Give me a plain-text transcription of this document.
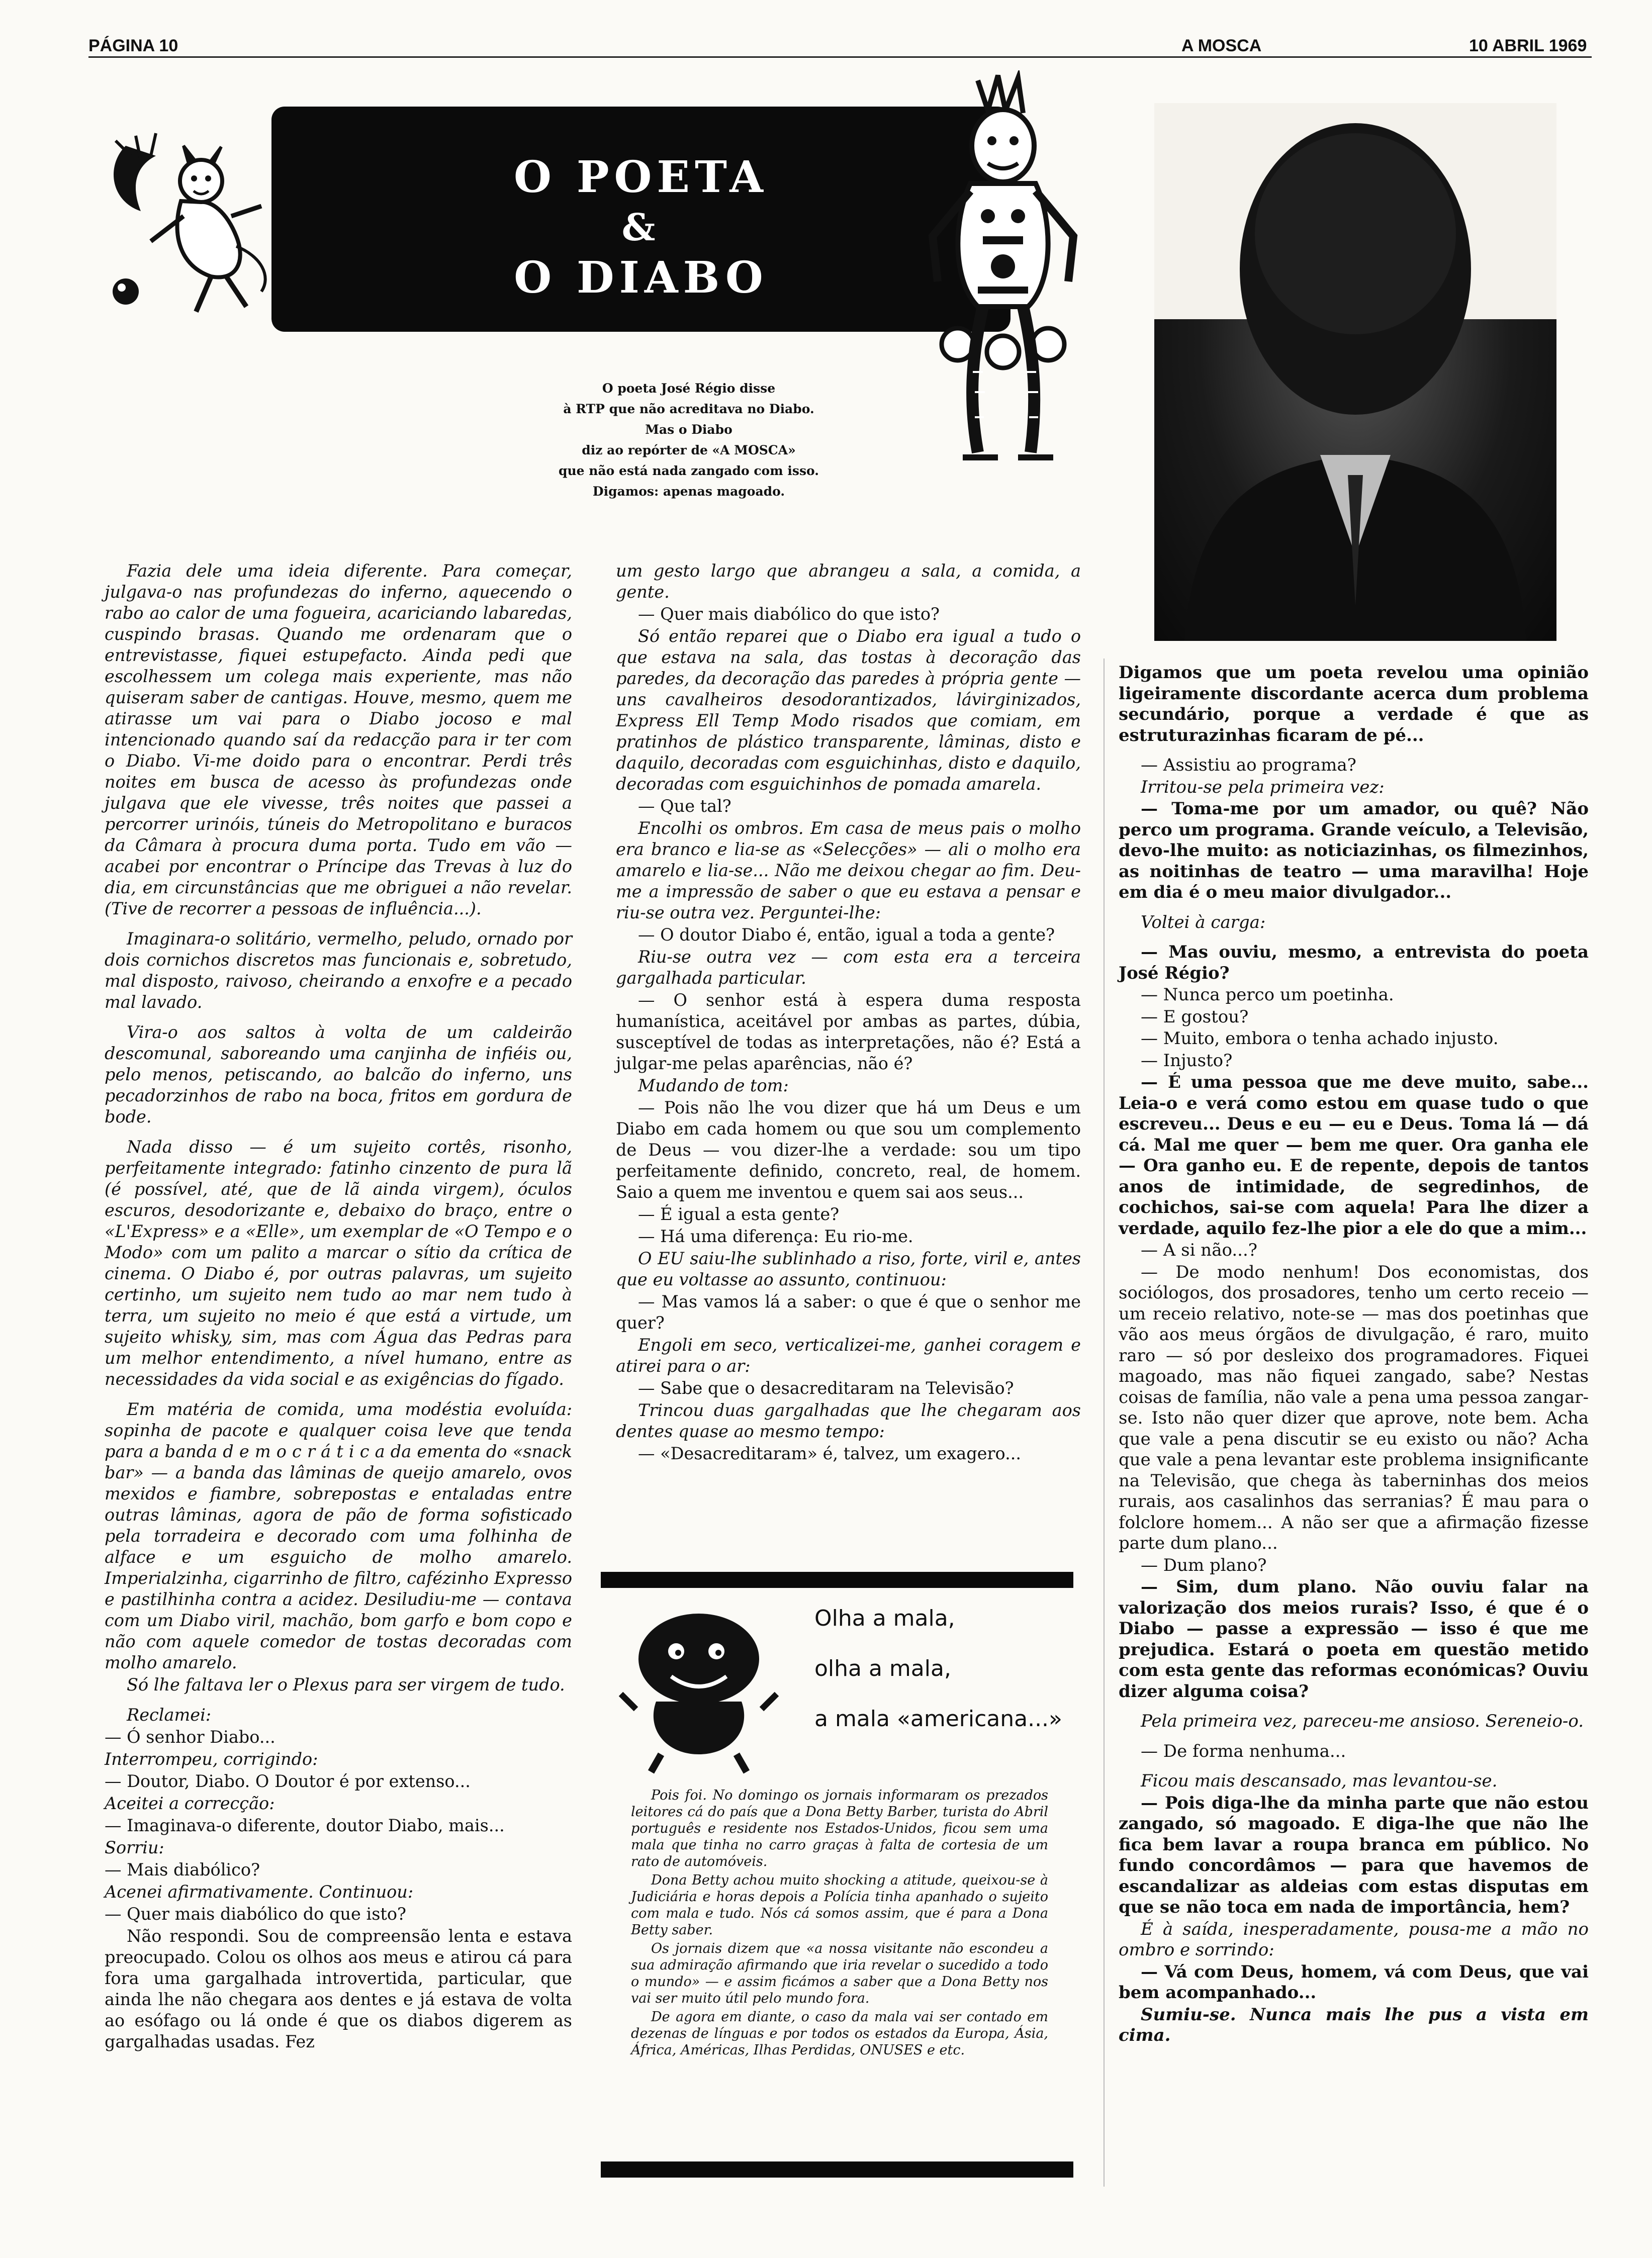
PÁGINA 10	A MOSCA	10 ABRIL 1969
O POETA
&
O DIABO
O poeta José Régio disse
à RTP que não acreditava no Diabo.
Mas o Diabo
diz ao repórter de «A MOSCA»
que não está nada zangado com isso.
Digamos: apenas magoado.

Fazia dele uma ideia diferente. Para começar, julgava-o nas profundezas do inferno, aquecendo o rabo ao calor de uma fogueira, acariciando labaredas, cuspindo brasas. Quando me ordenaram que o entrevistasse, fiquei estupefacto. Ainda pedi que escolhessem um colega mais experiente, mas não quiseram saber de cantigas. Houve, mesmo, quem me atirasse um vai para o Diabo jocoso e mal intencionado quando saí da redacção para ir ter com o Diabo. Vi-me doido para o encontrar. Perdi três noites em busca de acesso às profundezas onde julgava que ele vivesse, três noites que passei a percorrer urinóis, túneis do Metropolitano e buracos da Câmara à procura duma porta. Tudo em vão — acabei por encontrar o Príncipe das Trevas à luz do dia, em circunstâncias que me obriguei a não revelar. (Tive de recorrer a pessoas de influência...).

Imaginara-o solitário, vermelho, peludo, ornado por dois cornichos discretos mas funcionais e, sobretudo, mal disposto, raivoso, cheirando a enxofre e a pecado mal lavado.

Vira-o aos saltos à volta de um caldeirão descomunal, saboreando uma canjinha de infiéis ou, pelo menos, petiscando, ao balcão do inferno, uns pecadorzinhos de rabo na boca, fritos em gordura de bode.

Nada disso — é um sujeito cortês, risonho, perfeitamente integrado: fatinho cinzento de pura lã (é possível, até, que de lã ainda virgem), óculos escuros, desodorizante e, debaixo do braço, entre o «L'Express» e a «Elle», um exemplar de «O Tempo e o Modo» com um palito a marcar o sítio da crítica de cinema. O Diabo é, por outras palavras, um sujeito certinho, um sujeito nem tudo ao mar nem tudo à terra, um sujeito no meio é que está a virtude, um sujeito whisky, sim, mas com Água das Pedras para um melhor entendimento, a nível humano, entre as necessidades da vida social e as exigências do fígado.

Em matéria de comida, uma modéstia evoluída: sopinha de pacote e qualquer coisa leve que tenda para a banda d e m o c r á t i c a da ementa do «snack bar» — a banda das lâminas de queijo amarelo, ovos mexidos e fiambre, sobrepostas e entaladas entre outras lâminas, agora de pão de forma sofisticado pela torradeira e decorado com uma folhinha de alface e um esguicho de molho amarelo. Imperialzinha, cigarrinho de filtro, cafézinho Expresso e pastilhinha contra a acidez. Desiludiu-me — contava com um Diabo viril, machão, bom garfo e bom copo e não com aquele comedor de tostas decoradas com molho amarelo.

Só lhe faltava ler o Plexus para ser virgem de tudo.

Reclamei:

— Ó senhor Diabo...

Interrompeu, corrigindo:

— Doutor, Diabo. O Doutor é por extenso...

Aceitei a correcção:

— Imaginava-o diferente, doutor Diabo, mais...

Sorriu:

— Mais diabólico?

Acenei afirmativamente. Continuou:

— Quer mais diabólico do que isto?

Não respondi. Sou de compreensão lenta e estava preocupado. Colou os olhos aos meus e atirou cá para fora uma gargalhada introvertida, particular, que ainda lhe não chegara aos dentes e já estava de volta ao esófago ou lá onde é que os diabos digerem as gargalhadas usadas. Fez

um gesto largo que abrangeu a sala, a comida, a gente.

— Quer mais diabólico do que isto?

Só então reparei que o Diabo era igual a tudo o que estava na sala, das tostas à decoração das paredes, da decoração das paredes à própria gente — uns cavalheiros desodorantizados, lávirginizados, Express Ell Temp Modo risados que comiam, em pratinhos de plástico transparente, lâminas, disto e daquilo, decoradas com esguichinhas, disto e daquilo, decoradas com esguichinhos de pomada amarela.

— Que tal?

Encolhi os ombros. Em casa de meus pais o molho era branco e lia-se as «Selecções» — ali o molho era amarelo e lia-se... Não me deixou chegar ao fim. Deu-me a impressão de saber o que eu estava a pensar e riu-se outra vez. Perguntei-lhe:

— O doutor Diabo é, então, igual a toda a gente?

Riu-se outra vez — com esta era a terceira gargalhada particular.

— O senhor está à espera duma resposta humanística, aceitável por ambas as partes, dúbia, susceptível de todas as interpretações, não é? Está a julgar-me pelas aparências, não é?

Mudando de tom:

— Pois não lhe vou dizer que há um Deus e um Diabo em cada homem ou que sou um complemento de Deus — vou dizer-lhe a verdade: sou um tipo perfeitamente definido, concreto, real, de homem. Saio a quem me inventou e quem sai aos seus...

— É igual a esta gente?

— Há uma diferença: Eu rio-me.

O EU saiu-lhe sublinhado a riso, forte, viril e, antes que eu voltasse ao assunto, continuou:

— Mas vamos lá a saber: o que é que o senhor me quer?

Engoli em seco, verticalizei-me, ganhei coragem e atirei para o ar:

— Sabe que o desacreditaram na Televisão?

Trincou duas gargalhadas que lhe chegaram aos dentes quase ao mesmo tempo:

— «Desacreditaram» é, talvez, um exagero...

Olha a mala,
olha a mala,
a mala «americana...»

Pois foi. No domingo os jornais informaram os prezados leitores cá do país que a Dona Betty Barber, turista do Abril português e residente nos Estados-Unidos, ficou sem uma mala que tinha no carro graças à falta de cortesia de um rato de automóveis.

Dona Betty achou muito shocking a atitude, queixou-se à Judiciária e horas depois a Polícia tinha apanhado o sujeito com mala e tudo. Nós cá somos assim, que é para a Dona Betty saber.

Os jornais dizem que «a nossa visitante não escondeu a sua admiração afirmando que iria revelar o sucedido a todo o mundo» — e assim ficámos a saber que a Dona Betty nos vai ser muito útil pelo mundo fora.

De agora em diante, o caso da mala vai ser contado em dezenas de línguas e por todos os estados da Europa, Ásia, África, Américas, Ilhas Perdidas, ONUSES e etc.

Digamos que um poeta revelou uma opinião ligeiramente discordante acerca dum problema secundário, porque a verdade é que as estruturazinhas ficaram de pé...

— Assistiu ao programa?

Irritou-se pela primeira vez:

— Toma-me por um amador, ou quê? Não perco um programa. Grande veículo, a Televisão, devo-lhe muito: as noticiazinhas, os filmezinhos, as noitinhas de teatro — uma maravilha! Hoje em dia é o meu maior divulgador...

Voltei à carga:

— Mas ouviu, mesmo, a entrevista do poeta José Régio?

— Nunca perco um poetinha.

— E gostou?

— Muito, embora o tenha achado injusto.

— Injusto?

— É uma pessoa que me deve muito, sabe... Leia-o e verá como estou em quase tudo o que escreveu... Deus e eu — eu e Deus. Toma lá — dá cá. Mal me quer — bem me quer. Ora ganha ele — Ora ganho eu. E de repente, depois de tantos anos de intimidade, de segredinhos, de cochichos, sai-se com aquela! Para lhe dizer a verdade, aquilo fez-lhe pior a ele do que a mim...

— A si não...?

— De modo nenhum! Dos economistas, dos sociólogos, dos prosadores, tenho um certo receio — um receio relativo, note-se — mas dos poetinhas que vão aos meus órgãos de divulgação, é raro, muito raro — só por desleixo dos programadores. Fiquei magoado, mas não fiquei zangado, sabe? Nestas coisas de família, não vale a pena uma pessoa zangar-se. Isto não quer dizer que aprove, note bem. Acha que vale a pena discutir se eu existo ou não? Acha que vale a pena levantar este problema insignificante na Televisão, que chega às taberninhas dos meios rurais, aos casalinhos das serranias? É mau para o folclore homem... A não ser que a afirmação fizesse parte dum plano...

— Dum plano?

— Sim, dum plano. Não ouviu falar na valorização dos meios rurais? Isso, é que é o Diabo — passe a expressão — isso é que me prejudica. Estará o poeta em questão metido com esta gente das reformas económicas? Ouviu dizer alguma coisa?

Pela primeira vez, pareceu-me ansioso. Sereneio-o.

— De forma nenhuma...

Ficou mais descansado, mas levantou-se.

— Pois diga-lhe da minha parte que não estou zangado, só magoado. E diga-lhe que não lhe fica bem lavar a roupa branca em público. No fundo concordâmos — para que havemos de escandalizar as aldeias com estas disputas em que se não toca em nada de importância, hem?

É à saída, inesperadamente, pousa-me a mão no ombro e sorrindo:

— Vá com Deus, homem, vá com Deus, que vai bem acompanhado...

Sumiu-se. Nunca mais lhe pus a vista em cima.
